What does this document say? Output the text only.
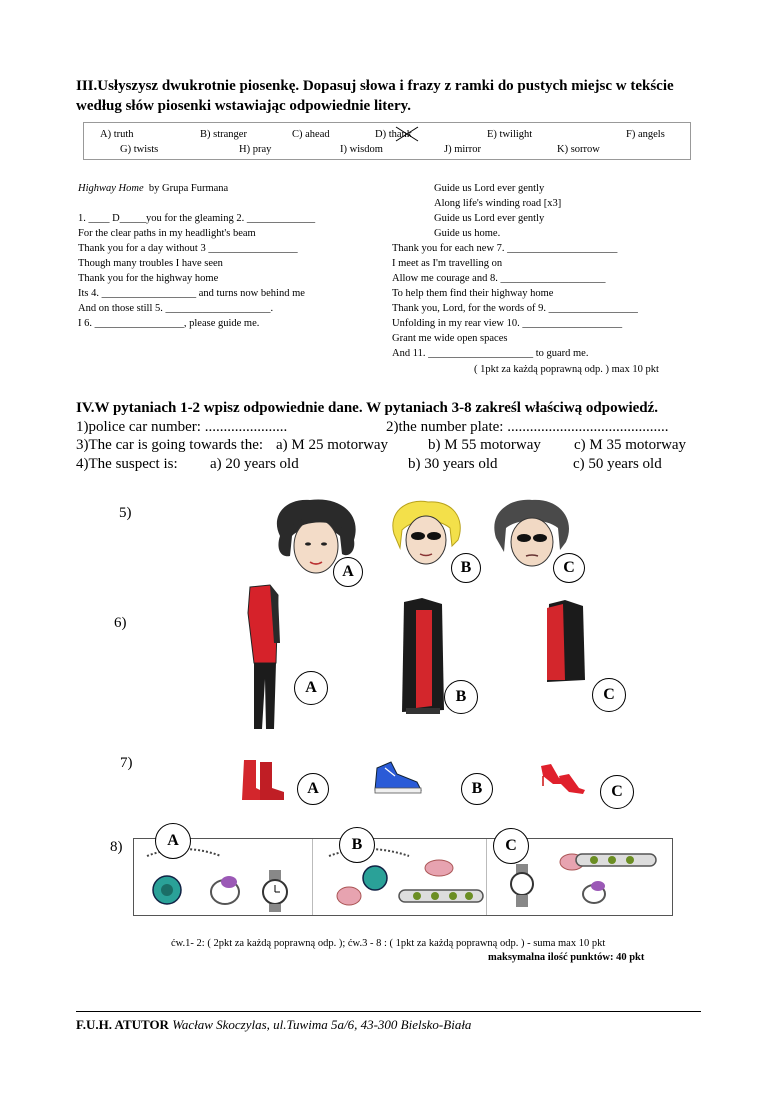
III.Usłyszysz dwukrotnie piosenkę. Dopasuj słowa i frazy z ramki do pustych miejsc w tekście
według słów piosenki wstawiając odpowiednie litery.
A) truth	B) stranger	C) ahead	D) thank	E) twilight	F) angels
G) twists	H) pray	I) wisdom	J) mirror	K) sorrow
Highway Home by Grupa Furmana
1. ____ D_____you for the gleaming 2. _____________
For the clear paths in my headlight's beam
Thank you for a day without 3 _________________
Though many troubles I have seen
Thank you for the highway home
Its 4. __________________ and turns now behind me
And on those still 5. ____________________.
I 6. _________________, please guide me.
Guide us Lord ever gently
Along life's winding road [x3]
Guide us Lord ever gently
Guide us home.
Thank you for each new 7. _____________________
I meet as I'm travelling on
Allow me courage and 8. ____________________
To help them find their highway home
Thank you, Lord, for the words of 9. _________________
Unfolding in my rear view 10. ___________________
Grant me wide open spaces
And 11. ____________________ to guard me.
( 1pkt za każdą poprawną odp. ) max 10 pkt
IV.W pytaniach 1-2 wpisz odpowiednie dane. W pytaniach 3-8 zakreśl właściwą odpowiedź.
1)police car number: ......................	2)the number plate: ...........................................
3)The car is going towards the: a) M 25 motorway	b) M 55 motorway c) M 35 motorway
4)The suspect is: a) 20 years old	b) 30 years old	c) 50 years old
5)
A	B	C
6)
A
B	C
7)
A	B	C
8)	A	B	C
ćw.1- 2: ( 2pkt za każdą poprawną odp. ); ćw.3 - 8 : ( 1pkt za każdą poprawną odp. ) - suma max 10 pkt
maksymalna ilość punktów: 40 pkt
F.U.H. ATUTOR Wacław Skoczylas, ul.Tuwima 5a/6, 43-300 Bielsko-Biała
